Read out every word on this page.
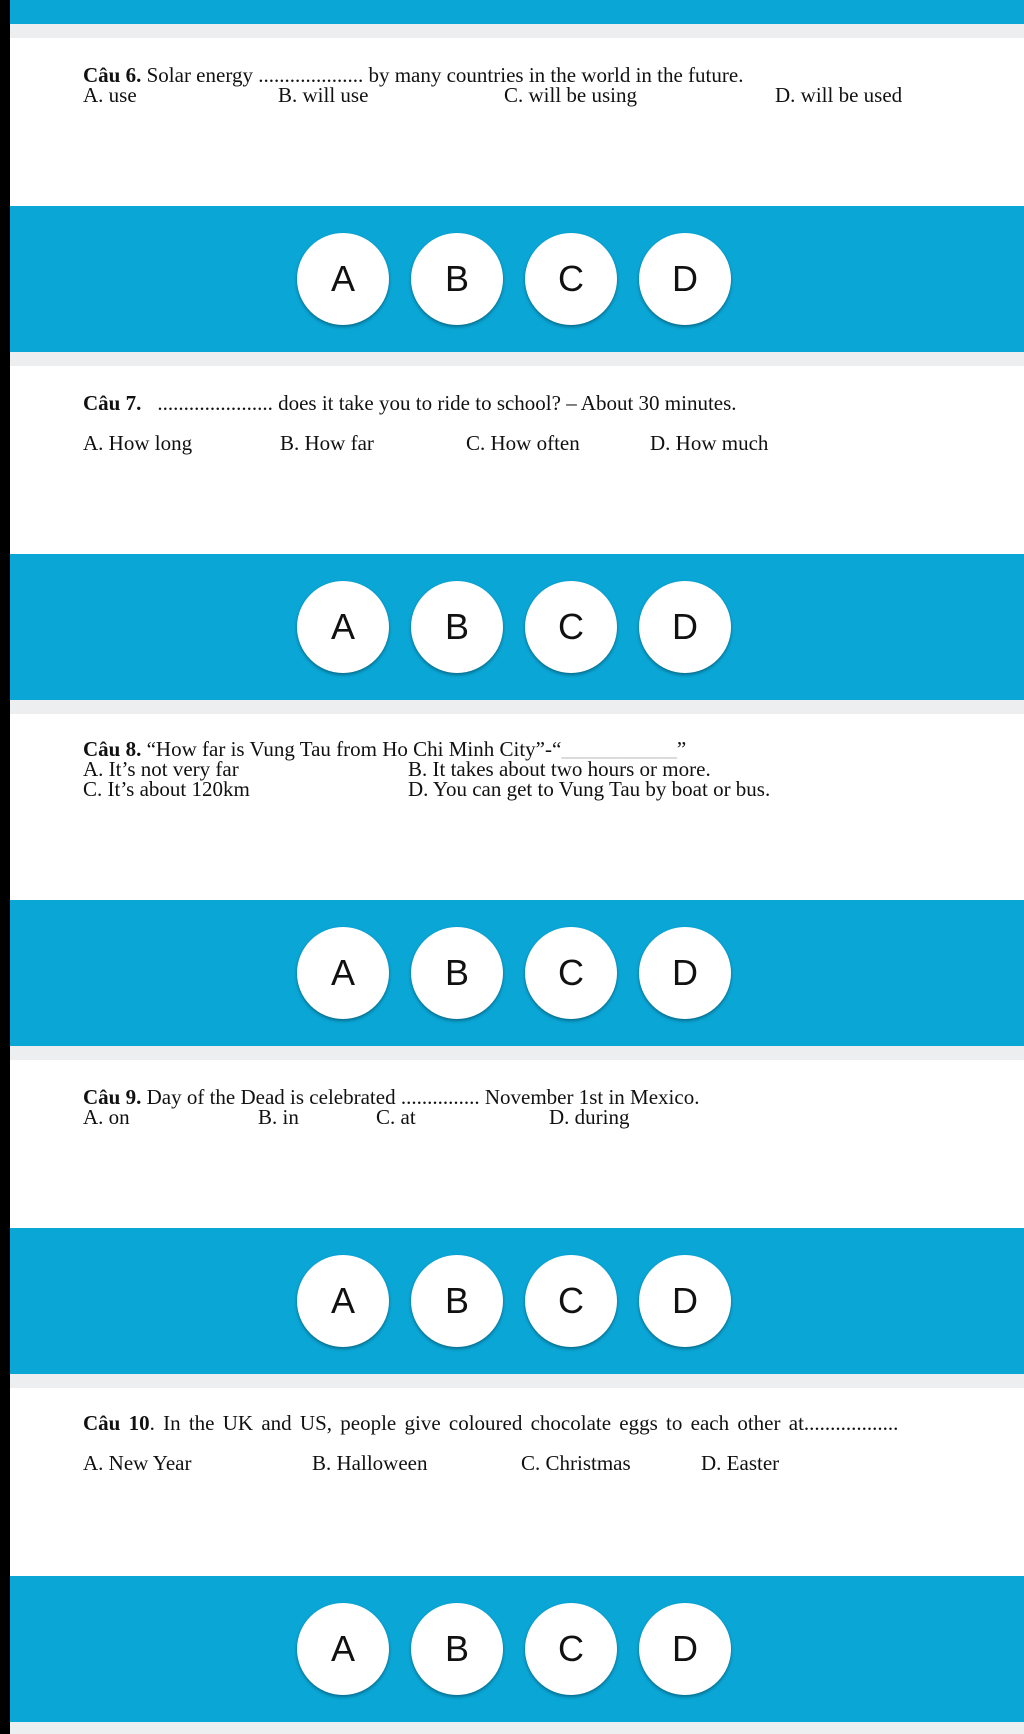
Câu 6. Solar energy .................... by many countries in the world in the future.
A. use	B. will use	C. will be using	D. will be used
A	B	C	D
Câu 7. ...................... does it take you to ride to school? – About 30 minutes.
A. How long	B. How far	C. How often	D. How much
A	B	C	D
Câu 8. “How far is Vung Tau from Ho Chi Minh City”-“___________”
A. It’s not very far	B. It takes about two hours or more.
C. It’s about 120km	D. You can get to Vung Tau by boat or bus.
A	B	C	D
Câu 9. Day of the Dead is celebrated ............... November 1st in Mexico.
A. on	B. in	C. at	D. during
A	B	C	D
Câu 10. In the UK and US, people give coloured chocolate eggs to each other at..................
A. New Year	B. Halloween	C. Christmas	D. Easter
A	B	C	D
